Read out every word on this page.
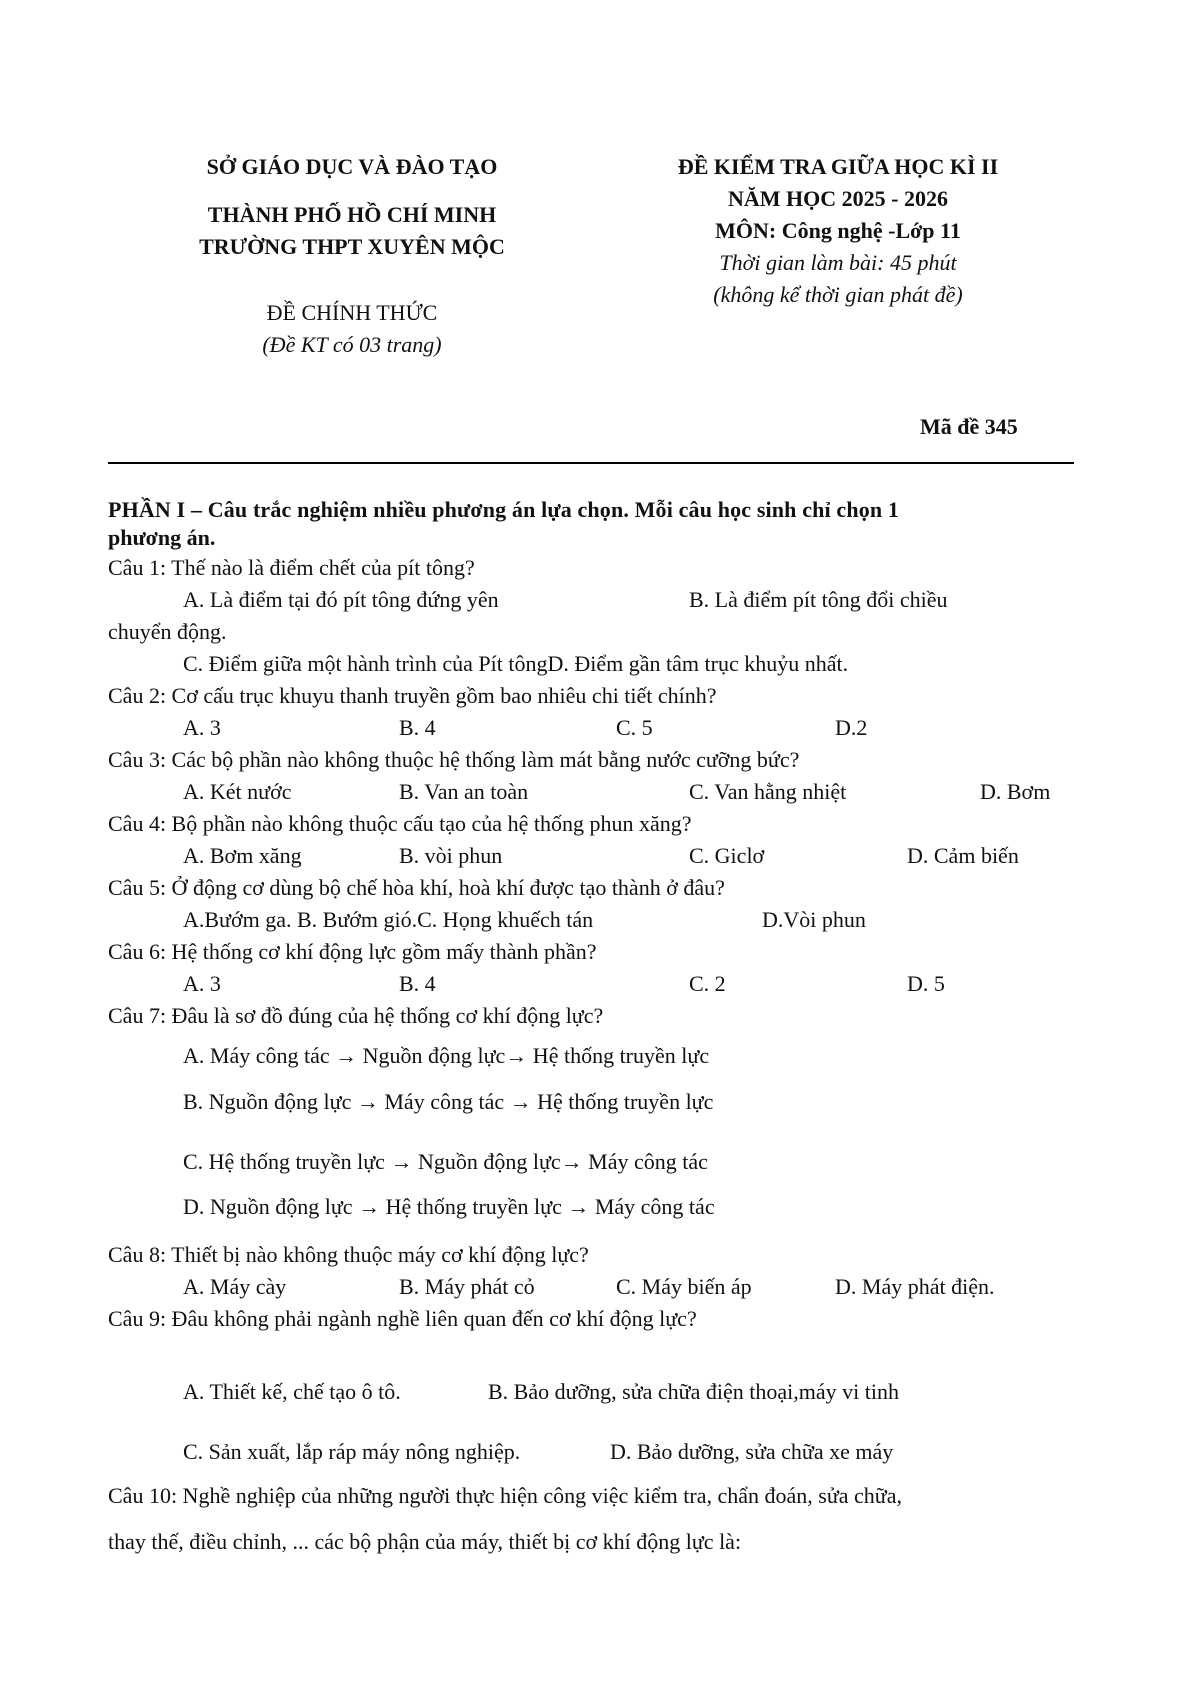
SỞ GIÁO DỤC VÀ ĐÀO TẠO
THÀNH PHỐ HỒ CHÍ MINH
TRƯỜNG THPT XUYÊN MỘC
ĐỀ CHÍNH THỨC
(Đề KT có 03 trang)
ĐỀ KIỂM TRA GIỮA HỌC KÌ II
NĂM HỌC 2025 - 2026
MÔN: Công nghệ -Lớp 11
Thời gian làm bài: 45 phút
(không kể thời gian phát đề)
Mã đề 345
PHẦN I – Câu trắc nghiệm nhiều phương án lựa chọn. Mỗi câu học sinh chỉ chọn 1
phương án.
Câu 1: Thế nào là điểm chết của pít tông?
A. Là điểm tại đó pít tông đứng yên	B. Là điểm pít tông đổi chiều
chuyển động.
C. Điểm giữa một hành trình của Pít tôngD. Điểm gần tâm trục khuỷu nhất.
Câu 2: Cơ cấu trục khuyu thanh truyền gồm bao nhiêu chi tiết chính?
A. 3	B. 4	C. 5	D.2
Câu 3: Các bộ phần nào không thuộc hệ thống làm mát bằng nước cưỡng bức?
A. Két nước	B. Van an toàn	C. Van hằng nhiệt	D. Bơm
Câu 4: Bộ phần nào không thuộc cấu tạo của hệ thống phun xăng?
A. Bơm xăng	B. vòi phun	C. Giclơ	D. Cảm biến
Câu 5: Ở động cơ dùng bộ chế hòa khí, hoà khí được tạo thành ở đâu?
A.Bướm ga. B. Bướm gió.C. Họng khuếch tán	D.Vòi phun
Câu 6: Hệ thống cơ khí động lực gồm mấy thành phần?
A. 3	B. 4	C. 2	D. 5
Câu 7: Đâu là sơ đồ đúng của hệ thống cơ khí động lực?
A. Máy công tác → Nguồn động lực→ Hệ thống truyền lực
B. Nguồn động lực → Máy công tác → Hệ thống truyền lực
C. Hệ thống truyền lực → Nguồn động lực→ Máy công tác
D. Nguồn động lực → Hệ thống truyền lực → Máy công tác
Câu 8: Thiết bị nào không thuộc máy cơ khí động lực?
A. Máy cày	B. Máy phát cỏ	C. Máy biến áp	D. Máy phát điện.
Câu 9: Đâu không phải ngành nghề liên quan đến cơ khí động lực?
A. Thiết kế, chế tạo ô tô.	B. Bảo dưỡng, sửa chữa điện thoại,máy vi tinh
C. Sản xuất, lắp ráp máy nông nghiệp.	D. Bảo dưỡng, sửa chữa xe máy
Câu 10: Nghề nghiệp của những người thực hiện công việc kiểm tra, chẩn đoán, sửa chữa,
thay thế, điều chỉnh, ... các bộ phận của máy, thiết bị cơ khí động lực là:
